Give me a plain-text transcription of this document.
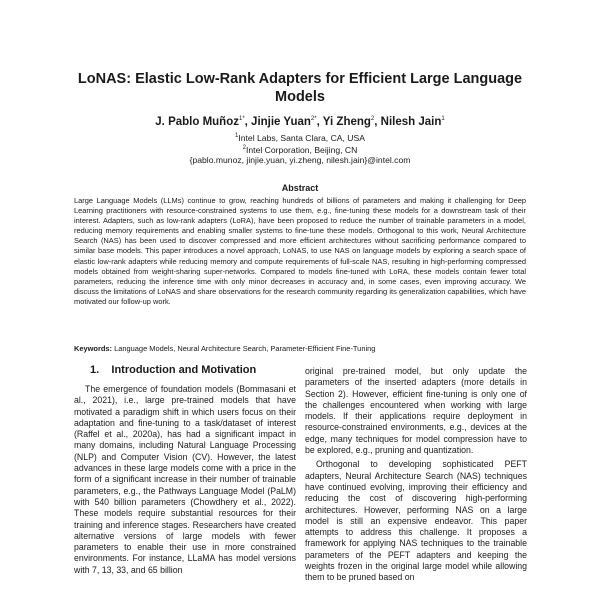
LoNAS: Elastic Low-Rank Adapters for Efficient Large Language Models
J. Pablo Muñoz$^{1*}$, Jinjie Yuan$^{2*}$, Yi Zheng$^2$, Nilesh Jain$^1$
$^1$Intel Labs, Santa Clara, CA, USA
$^2$Intel Corporation, Beijing, CN
{pablo.munoz, jinjie.yuan, yi.zheng, nilesh.jain}@intel.com
Abstract
Large Language Models (LLMs) continue to grow, reaching hundreds of billions of parameters and making it challenging for Deep Learning practitioners with resource-constrained systems to use them, e.g., fine-tuning these models for a downstream task of their interest. Adapters, such as low-rank adapters (LoRA), have been proposed to reduce the number of trainable parameters in a model, reducing memory requirements and enabling smaller systems to fine-tune these models. Orthogonal to this work, Neural Architecture Search (NAS) has been used to discover compressed and more efficient architectures without sacrificing performance compared to similar base models. This paper introduces a novel approach, LoNAS, to use NAS on language models by exploring a search space of elastic low-rank adapters while reducing memory and compute requirements of full-scale NAS, resulting in high-performing compressed models obtained from weight-sharing super-networks. Compared to models fine-tuned with LoRA, these models contain fewer total parameters, reducing the inference time with only minor decreases in accuracy and, in some cases, even improving accuracy. We discuss the limitations of LoNAS and share observations for the research community regarding its generalization capabilities, which have motivated our follow-up work.
Keywords: Language Models, Neural Architecture Search, Parameter-Efficient Fine-Tuning
1.    Introduction and Motivation

The emergence of foundation models (Bommasani et al., 2021), i.e., large pre-trained models that have motivated a paradigm shift in which users focus on their adaptation and fine-tuning to a task/dataset of interest (Raffel et al., 2020a), has had a significant impact in many domains, including Natural Language Processing (NLP) and Computer Vision (CV). However, the latest advances in these large models come with a price in the form of a significant increase in their number of trainable parameters, e.g., the Pathways Language Model (PaLM) with 540 billion parameters (Chowdhery et al., 2022). These models require substantial resources for their training and inference stages. Researchers have created alternative versions of large models with fewer parameters to enable their use in more constrained environments. For instance, LLaMA has model versions with 7, 13, 33, and 65 billion

original pre-trained model, but only update the parameters of the inserted adapters (more details in Section 2). However, efficient fine-tuning is only one of the challenges encountered when working with large models. If their applications require deployment in resource-constrained environments, e.g., devices at the edge, many techniques for model compression have to be explored, e.g., pruning and quantization.

Orthogonal to developing sophisticated PEFT adapters, Neural Architecture Search (NAS) techniques have continued evolving, improving their efficiency and reducing the cost of discovering high-performing architectures. However, performing NAS on a large model is still an expensive endeavor. This paper attempts to address this challenge. It proposes a framework for applying NAS techniques to the trainable parameters of the PEFT adapters and keeping the weights frozen in the original large model while allowing them to be pruned based on
